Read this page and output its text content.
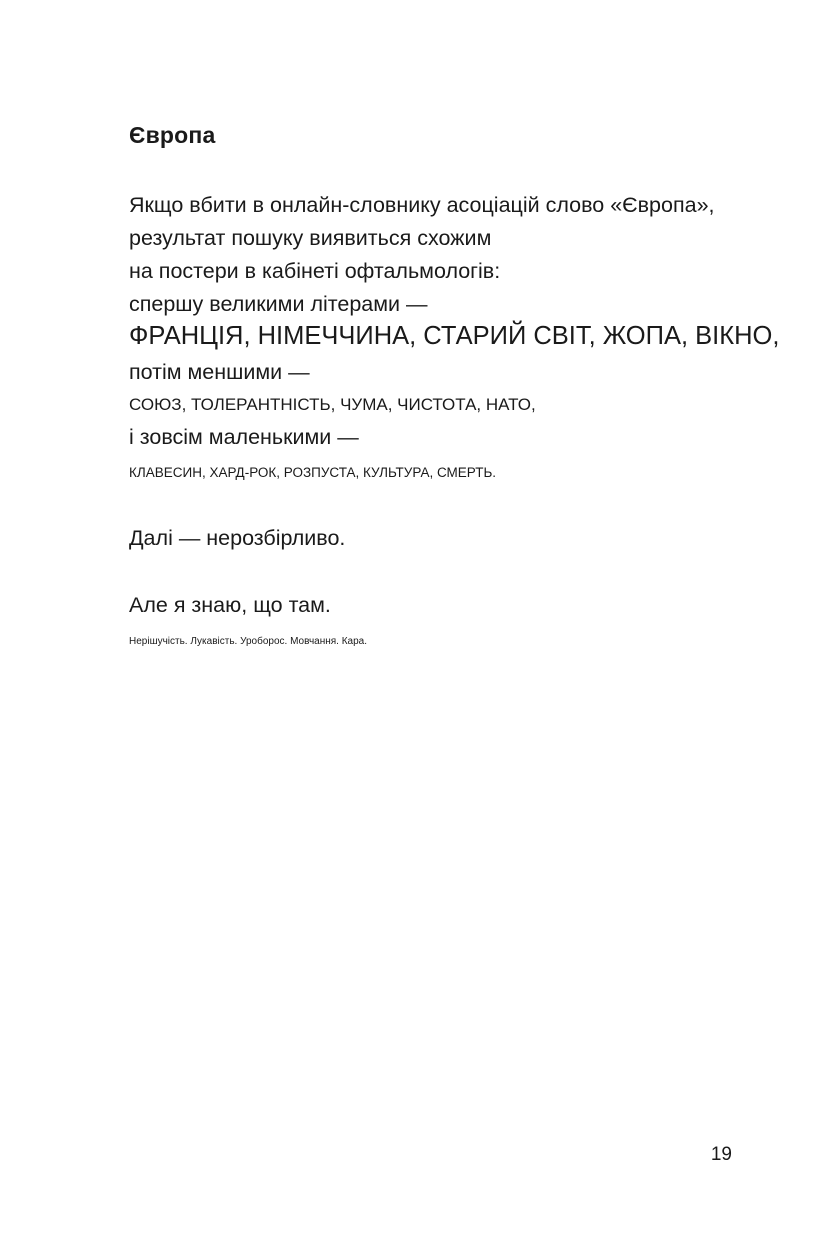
Європа

Якщо вбити в онлайн-словнику асоціацій слово «Європа»,

результат пошуку виявиться схожим

на постери в кабінеті офтальмологів:

спершу великими літерами —

ФРАНЦІЯ, НІМЕЧЧИНА, СТАРИЙ СВІТ, ЖОПА, ВІКНО,

потім меншими —

СОЮЗ, ТОЛЕРАНТНІСТЬ, ЧУМА, ЧИСТОТА, НАТО,

і зовсім маленькими —

КЛАВЕСИН, ХАРД-РОК, РОЗПУСТА, КУЛЬТУРА, СМЕРТЬ.

Далі — нерозбірливо.

Але я знаю, що там.

Нерішучість. Лукавість. Уроборос. Мовчання. Кара.

19
